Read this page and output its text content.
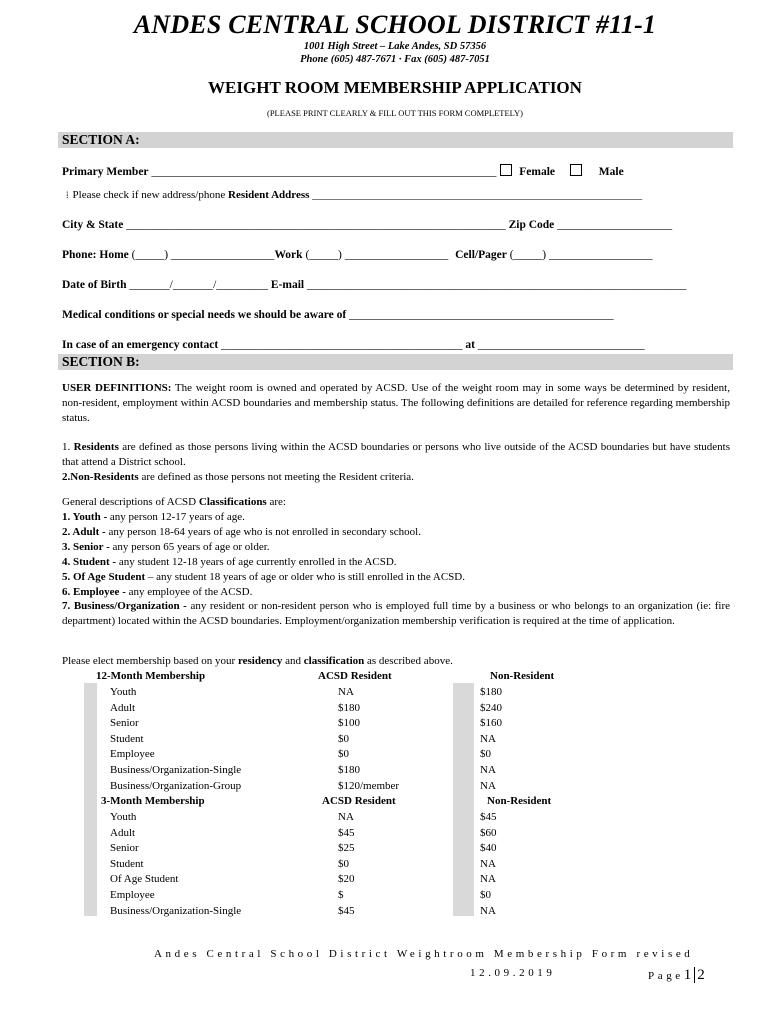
ANDES CENTRAL SCHOOL DISTRICT #11-1
1001 High Street – Lake Andes, SD 57356
Phone (605) 487-7671 · Fax (605) 487-7051
WEIGHT ROOM MEMBERSHIP APPLICATION
(PLEASE PRINT CLEARLY & FILL OUT THIS FORM COMPLETELY)
SECTION A:
Primary Member ____________________________________________________________ Female	Male
⁞ Please check if new address/phone Resident Address ____________________________________________________________
City & State __________________________________________________________________ Zip Code ____________________
Phone: Home (_____) __________________Work (_____) __________________ Cell/Pager (_____) __________________
Date of Birth _______/_______/_________ E-mail __________________________________________________________________
Medical conditions or special needs we should be aware of ______________________________________________
In case of an emergency contact __________________________________________ at _____________________________
SECTION B:
USER DEFINITIONS: The weight room is owned and operated by ACSD. Use of the weight room may in some ways be determined by resident, non-resident, employment within ACSD boundaries and membership status. The following definitions are detailed for reference regarding membership status.
1. Residents are defined as those persons living within the ACSD boundaries or persons who live outside of the ACSD boundaries but have students that attend a District school.
2.Non-Residents are defined as those persons not meeting the Resident criteria.
General descriptions of ACSD Classifications are:
1. Youth - any person 12-17 years of age.
2. Adult - any person 18-64 years of age who is not enrolled in secondary school.
3. Senior - any person 65 years of age or older.
4. Student - any student 12-18 years of age currently enrolled in the ACSD.
5. Of Age Student – any student 18 years of age or older who is still enrolled in the ACSD.
6. Employee - any employee of the ACSD.
7. Business/Organization - any resident or non-resident person who is employed full time by a business or who belongs to an organization (ie: fire department) located within the ACSD boundaries. Employment/organization membership verification is required at the time of application.
Please elect membership based on your residency and classification as described above.
12-Month Membership	ACSD Resident	Non-Resident
Youth	NA	$180
Adult	$180	$240
Senior	$100	$160
Student	$0	NA
Employee	$0	$0
Business/Organization-Single	$180	NA
Business/Organization-Group	$120/member	NA
3-Month Membership	ACSD Resident	Non-Resident
Youth	NA	$45
Adult	$45	$60
Senior	$25	$40
Student	$0	NA
Of Age Student	$20	NA
Employee	$	$0
Business/Organization-Single	$45	NA
Andes Central School District Weightroom Membership Form revised
12.09.2019	Page1 2
